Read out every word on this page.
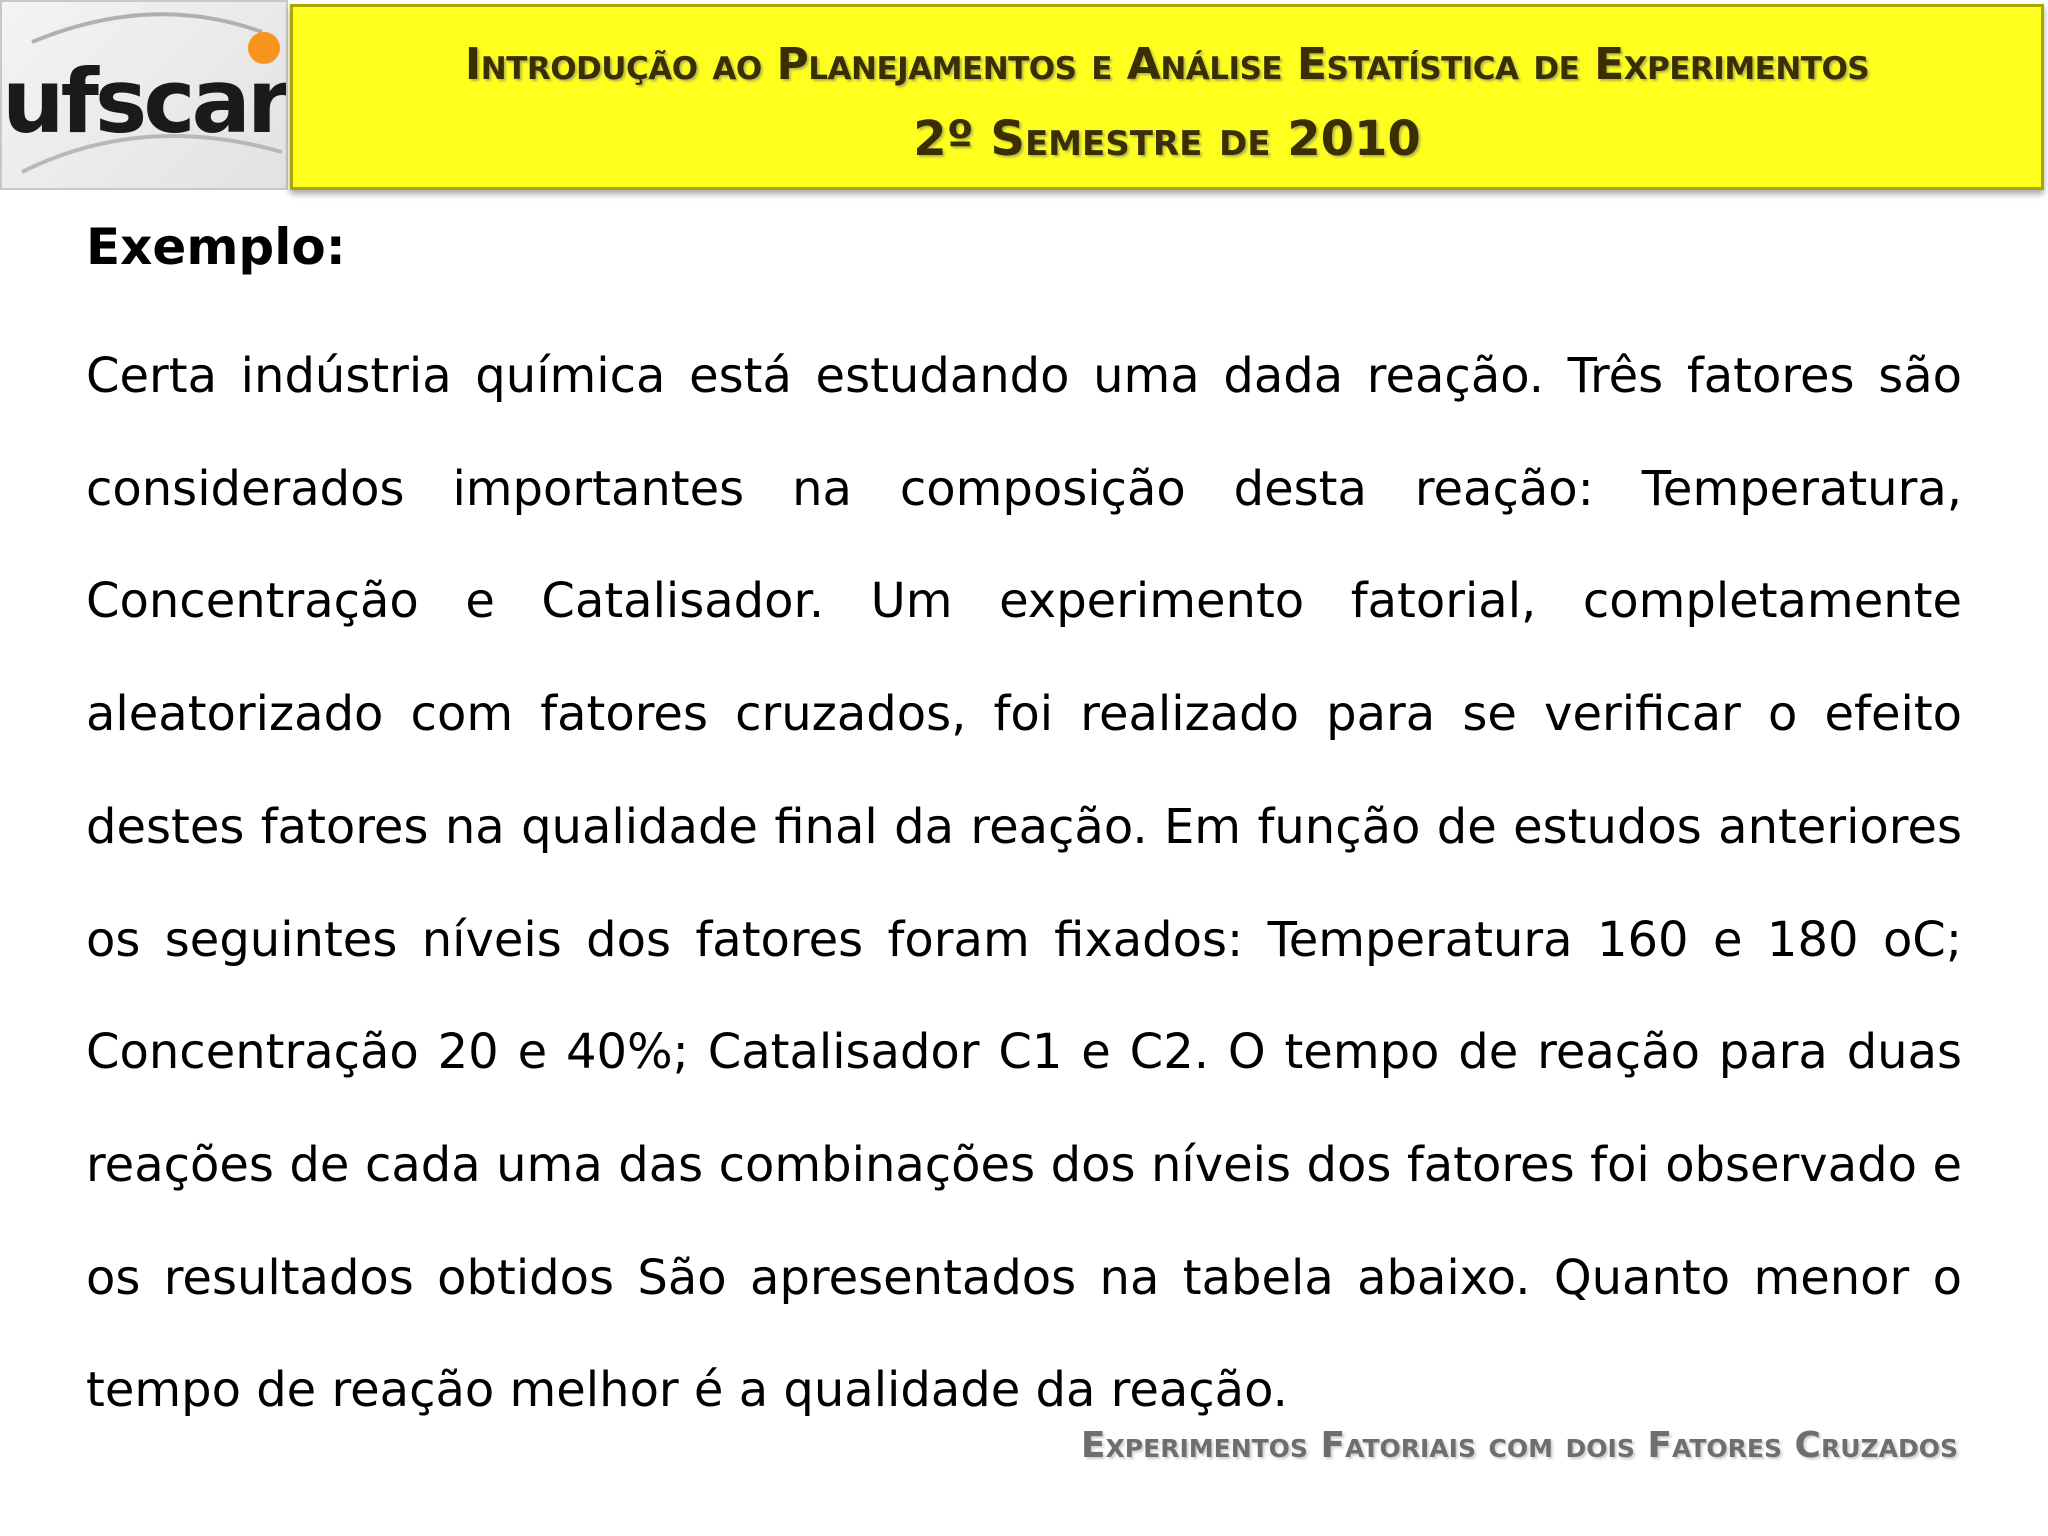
ufscar	Introdução ao Planejamentos e Análise Estatística de Experimentos
2º Semestre de 2010
Exemplo:

Certa indústria química está estudando uma dada reação. Três fatores são considerados importantes na composição desta reação: Temperatura, Concentração e Catalisador. Um experimento fatorial, completamente aleatorizado com fatores cruzados, foi realizado para se verificar o efeito destes fatores na qualidade final da reação. Em função de estudos anteriores os seguintes níveis dos fatores foram fixados: Temperatura 160 e 180 oC; Concentração 20 e 40%; Catalisador C1 e C2. O tempo de reação para duas reações de cada uma das combinações dos níveis dos fatores foi observado e os resultados obtidos São apresentados na tabela abaixo. Quanto menor o tempo de reação melhor é a qualidade da reação.

Experimentos Fatoriais com dois Fatores Cruzados
